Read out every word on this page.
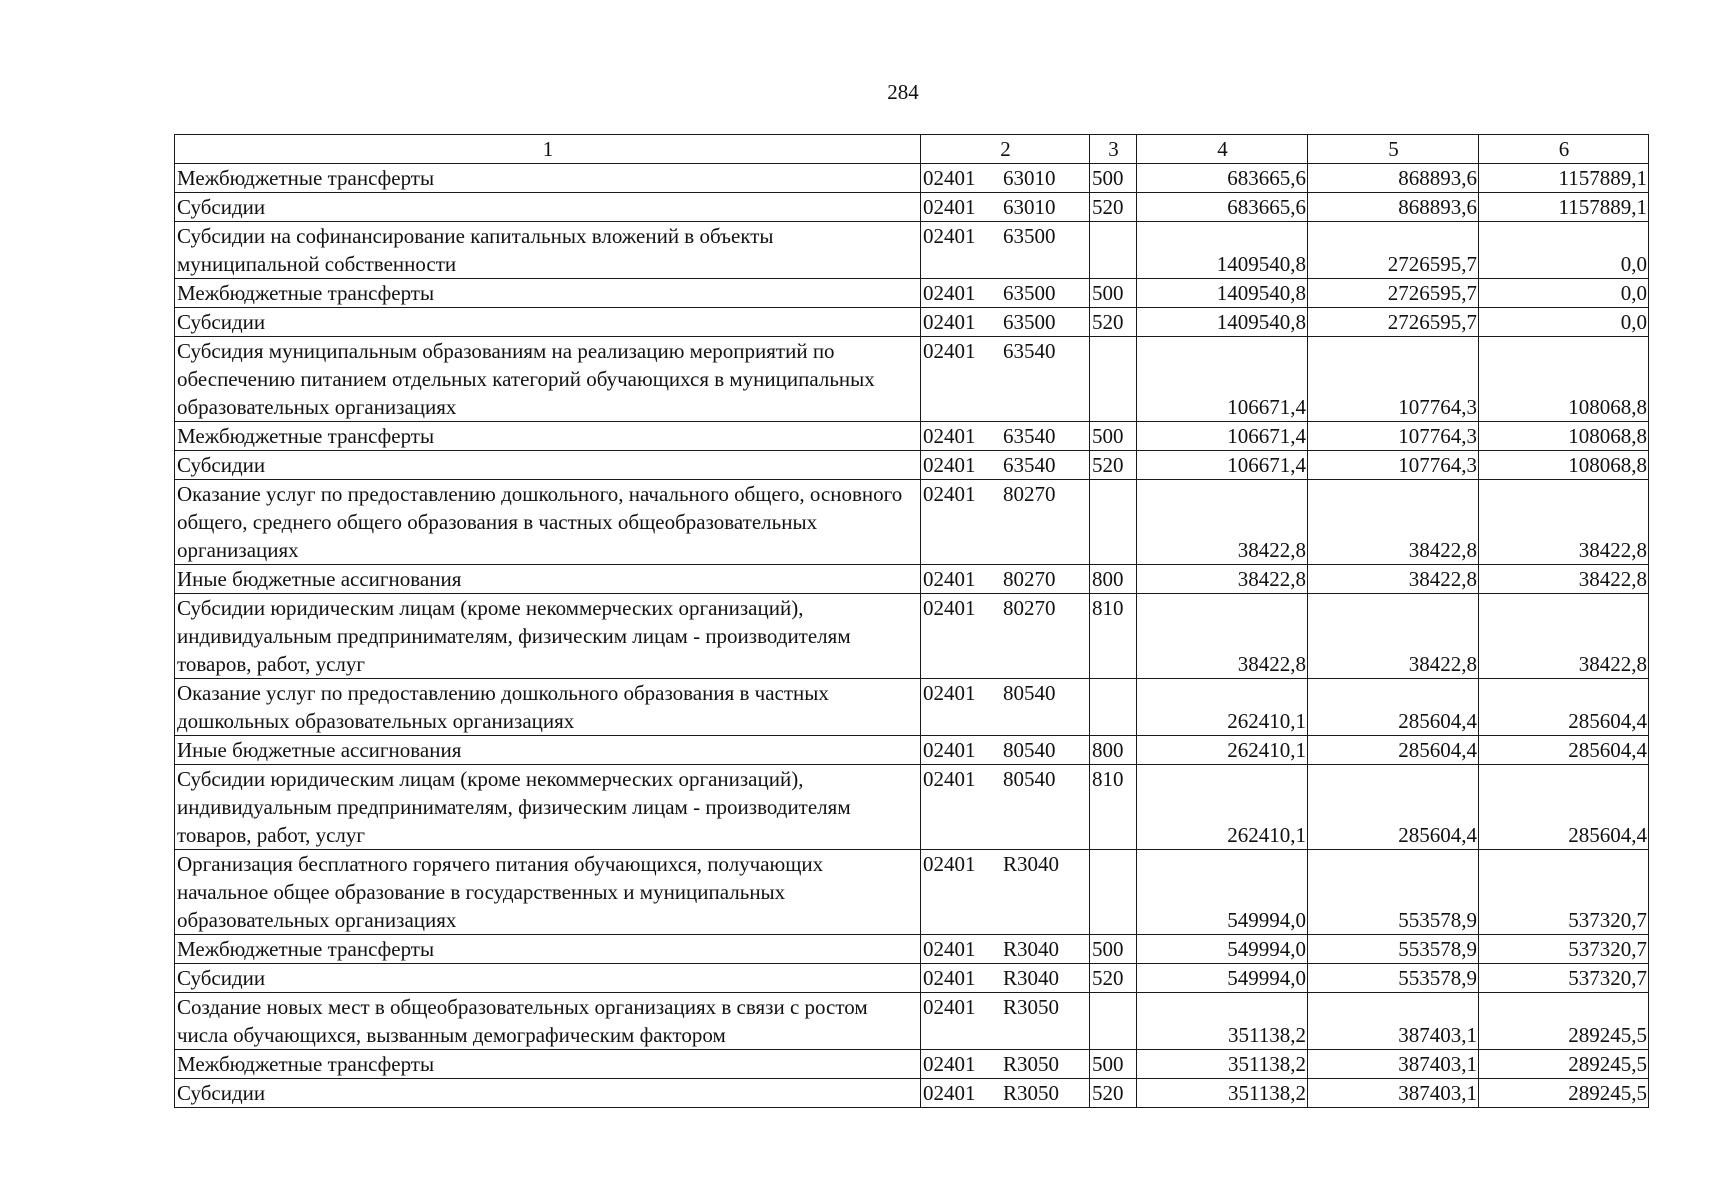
284
1	2	3	4	5	6
Межбюджетные трансферты	02401 63010	500	683665,6	868893,6	1157889,1
Субсидии	02401 63010	520	683665,6	868893,6	1157889,1
Субсидии на софинансирование капитальных вложений в объекты муниципальной собственности	02401 63500		1409540,8	2726595,7	0,0
Межбюджетные трансферты	02401 63500	500	1409540,8	2726595,7	0,0
Субсидии	02401 63500	520	1409540,8	2726595,7	0,0
Субсидия муниципальным образованиям на реализацию мероприятий по обеспечению питанием отдельных категорий обучающихся в муниципальных образовательных организациях	02401 63540		106671,4	107764,3	108068,8
Межбюджетные трансферты	02401 63540	500	106671,4	107764,3	108068,8
Субсидии	02401 63540	520	106671,4	107764,3	108068,8
Оказание услуг по предоставлению дошкольного, начального общего, основного общего, среднего общего образования в частных общеобразовательных организациях	02401 80270		38422,8	38422,8	38422,8
Иные бюджетные ассигнования	02401 80270	800	38422,8	38422,8	38422,8
Субсидии юридическим лицам (кроме некоммерческих организаций), индивидуальным предпринимателям, физическим лицам - производителям товаров, работ, услуг	02401 80270	810	38422,8	38422,8	38422,8
Оказание услуг по предоставлению дошкольного образования в частных дошкольных образовательных организациях	02401 80540		262410,1	285604,4	285604,4
Иные бюджетные ассигнования	02401 80540	800	262410,1	285604,4	285604,4
Субсидии юридическим лицам (кроме некоммерческих организаций), индивидуальным предпринимателям, физическим лицам - производителям товаров, работ, услуг	02401 80540	810	262410,1	285604,4	285604,4
Организация бесплатного горячего питания обучающихся, получающих начальное общее образование в государственных и муниципальных образовательных организациях	02401 R3040		549994,0	553578,9	537320,7
Межбюджетные трансферты	02401 R3040	500	549994,0	553578,9	537320,7
Субсидии	02401 R3040	520	549994,0	553578,9	537320,7
Создание новых мест в общеобразовательных организациях в связи с ростом числа обучающихся, вызванным демографическим фактором	02401 R3050		351138,2	387403,1	289245,5
Межбюджетные трансферты	02401 R3050	500	351138,2	387403,1	289245,5
Субсидии	02401 R3050	520	351138,2	387403,1	289245,5
